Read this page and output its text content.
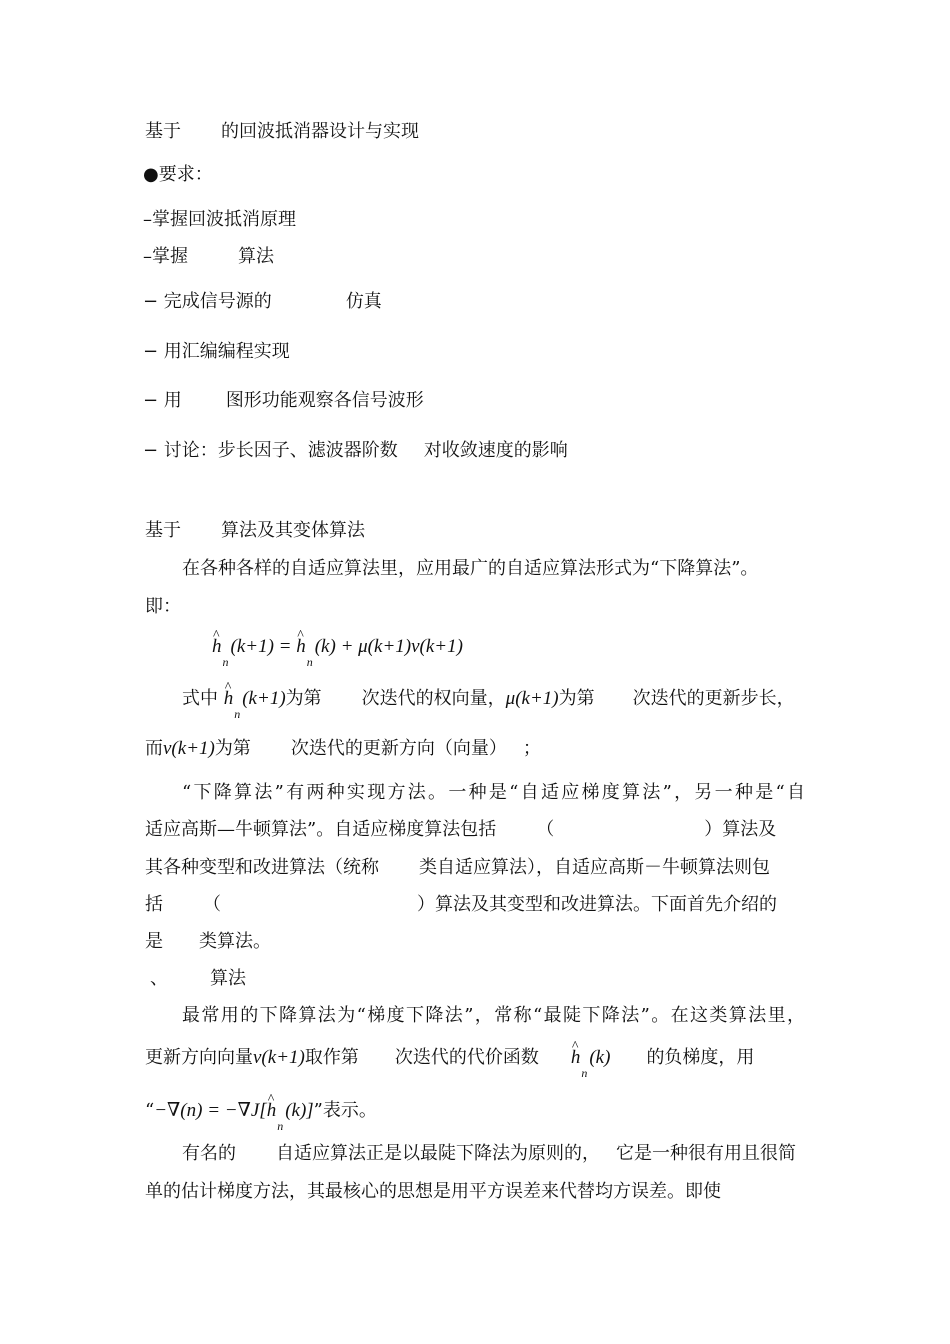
基于 的回波抵消器设计与实现
●要求：
–掌握回波抵消原理
–掌握	算法
− 完成信号源的	仿真
− 用汇编编程实现
− 用 图形功能观察各信号波形
− 讨论：步长因子、滤波器阶数 对收敛速度的影响
基于 算法及其变体算法
在各种各样的自适应算法里，应用最广的自适应算法形式为“下降算法”。
即：
^ $h_n(k+1)$ = ^ $h_n(k) + \mu(k+1)v(k+1)$
式中 ^ $h_n(k+1)$为第 次迭代的权向量，μ(k+1)为第 次迭代的更新步长，
而v(k+1)为第 次迭代的更新方向（向量） ；
“下降算法”有两种实现方法。一种是“自适应梯度算法”，另一种是“自
适应高斯—牛顿算法”。自适应梯度算法包括 （	）算法及
其各种变型和改进算法（统称 类自适应算法），自适应高斯－牛顿算法则包
括 （	）算法及其变型和改进算法。下面首先介绍的
是 类算法。
、 算法
最常用的下降算法为“梯度下降法”，常称“最陡下降法”。在这类算法里，
更新方向向量v(k+1)取作第 次迭代的代价函数 ^ $h_n(k)$ 的负梯度，用
“−∇(n) = −∇J[^ $h_n(k)$]”表示。
有名的 自适应算法正是以最陡下降法为原则的， 它是一种很有用且很简
单的估计梯度方法，其最核心的思想是用平方误差来代替均方误差。即使
